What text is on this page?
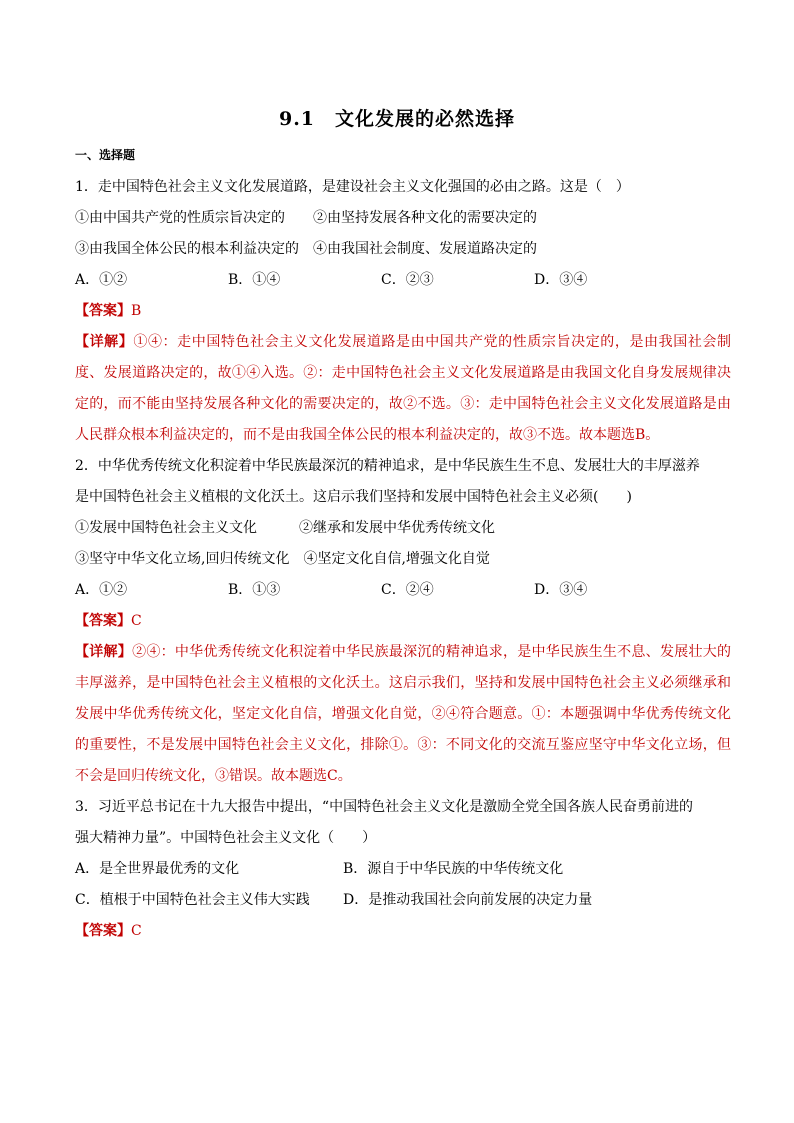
9.1　文化发展的必然选择
一、选择题
1．走中国特色社会主义文化发展道路，是建设社会主义文化强国的必由之路。这是（　）
①由中国共产党的性质宗旨决定的　　②由坚持发展各种文化的需要决定的
③由我国全体公民的根本利益决定的　④由我国社会制度、发展道路决定的
A．①②	B．①④	C．②③	D．③④
【答案】B
【详解】①④：走中国特色社会主义文化发展道路是由中国共产党的性质宗旨决定的，是由我国社会制度、发展道路决定的，故①④入选。②：走中国特色社会主义文化发展道路是由我国文化自身发展规律决定的，而不能由坚持发展各种文化的需要决定的，故②不选。③：走中国特色社会主义文化发展道路是由人民群众根本利益决定的，而不是由我国全体公民的根本利益决定的，故③不选。故本题选B。
2．中华优秀传统文化积淀着中华民族最深沉的精神追求，是中华民族生生不息、发展壮大的丰厚滋养
是中国特色社会主义植根的文化沃土。这启示我们坚持和发展中国特色社会主义必须(　　)
①发展中国特色社会主义文化　　　②继承和发展中华优秀传统文化
③坚守中华文化立场,回归传统文化　④坚定文化自信,增强文化自觉
A．①②	B．①③	C．②④	D．③④
【答案】C
【详解】②④：中华优秀传统文化积淀着中华民族最深沉的精神追求，是中华民族生生不息、发展壮大的丰厚滋养，是中国特色社会主义植根的文化沃土。这启示我们，坚持和发展中国特色社会主义必须继承和发展中华优秀传统文化，坚定文化自信，增强文化自觉，②④符合题意。①：本题强调中华优秀传统文化的重要性，不是发展中国特色社会主义文化，排除①。③：不同文化的交流互鉴应坚守中华文化立场，但不会是回归传统文化，③错误。故本题选C。
3．习近平总书记在十九大报告中提出，“中国特色社会主义文化是激励全党全国各族人民奋勇前进的
强大精神力量”。中国特色社会主义文化（　　）
A．是全世界最优秀的文化	B．源自于中华民族的中华传统文化
C．植根于中国特色社会主义伟大实践	D．是推动我国社会向前发展的决定力量
【答案】C
